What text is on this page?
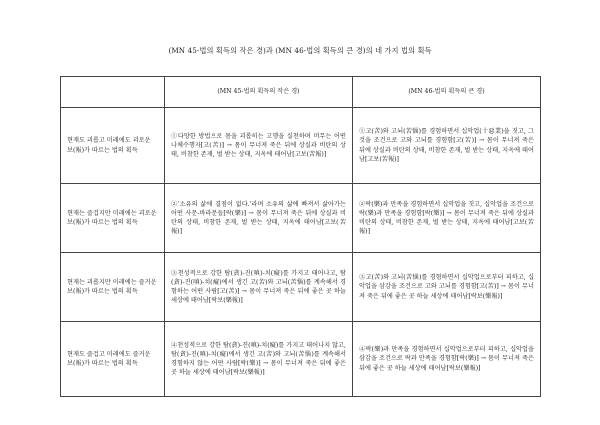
(MN 45-법의 획득의 작은 경)과 (MN 46-법의 획득의 큰 경)의 네 가지 법의 획득
	(MN 45-법의 획득의 작은 경)	(MN 46-법의 획득의 큰 경)
현재도 괴롭고 미래에도 괴로운 보(報)가 따르는 법의 획득	①다양한 방법으로 몸을 괴롭히는 고행을 실천하며 머무는 어떤 나체수행자[고(苦)] → 몸이 무너져 죽은 뒤에 상실과 비탄의 상태, 비참한 존재, 벌 받는 상태, 지옥에 태어남[고보(苦報)]	①고(苦)와 고뇌(苦惱)를 경험하면서 십악업(十惡業)을 짓고, 그것을 조건으로 고와 고뇌를 경험함[고(苦)] → 몸이 무너져 죽은 뒤에 상실과 비탄의 상태, 비참한 존재, 벌 받는 상태, 지옥에 태어남[고보(苦報)]

현재는 즐겁지만 미래에는 괴로운 보(報)가 따르는 법의 획득	②'소유의 삶에 결점이 없다.'라며 소유의 삶에 빠져서 삶아가는 어떤 사문-바라문들[락(樂)] → 몸이 무너져 죽은 뒤에 상실과 비탄의 상태, 비참한 존재, 벌 받는 상태, 지옥에 태어남[고보(苦報)]	②락(樂)과 만족을 경험하면서 십악업을 짓고, 십악업을 조건으로 락(樂)과 만족을 경험함[락(樂)] → 몸이 무너져 죽은 뒤에 상실과 비탄의 상태, 비참한 존재, 벌 받는 상태, 지옥에 태어남[고보(苦報)]

현재는 괴롭지만 미래에는 즐거운 보(報)가 따르는 법의 획득	③천성적으로 강한 탐(貪)-진(嗔)-치(癡)를 가지고 태어나고, 탐(貪)-진(嗔)-치(癡)에서 생긴 고(苦)와 고뇌(苦惱)를 계속해서 경험하는 어떤 사람[고(苦)] → 몸이 무너져 죽은 뒤에 좋은 곳 하늘 세상에 태어남[락보(樂報)]	③고(苦)와 고뇌(苦惱)를 경험하면서 십악업으로부터 피하고, 십악업을 삼감을 조건으로 고와 고뇌를 경험함[고(苦)] → 몸이 무너져 죽은 뒤에 좋은 곳 하늘 세상에 태어남[락보(樂報)]

현재도 즐겁고 미래에도 즐거운 보(報)가 따르는 법의 획득	④천성적으로 강한 탐(貪)-진(嗔)-치(癡)를 가지고 태어나지 않고, 탐(貪)-진(嗔)-치(癡)에서 생긴 고(苦)와 고뇌(苦惱)를 계속해서 경험하지 않는 어떤 사람[락(樂)] → 몸이 무너져 죽은 뒤에 좋은 곳 하늘 세상에 태어남[락보(樂報)]	④락(樂)과 만족을 경험하면서 십악업으로부터 피하고, 십악업을 삼감을 조건으로 락과 만족을 경험함[락(樂)] → 몸이 무너져 죽은 뒤에 좋은 곳 하늘 세상에 태어남[락보(樂報)]
